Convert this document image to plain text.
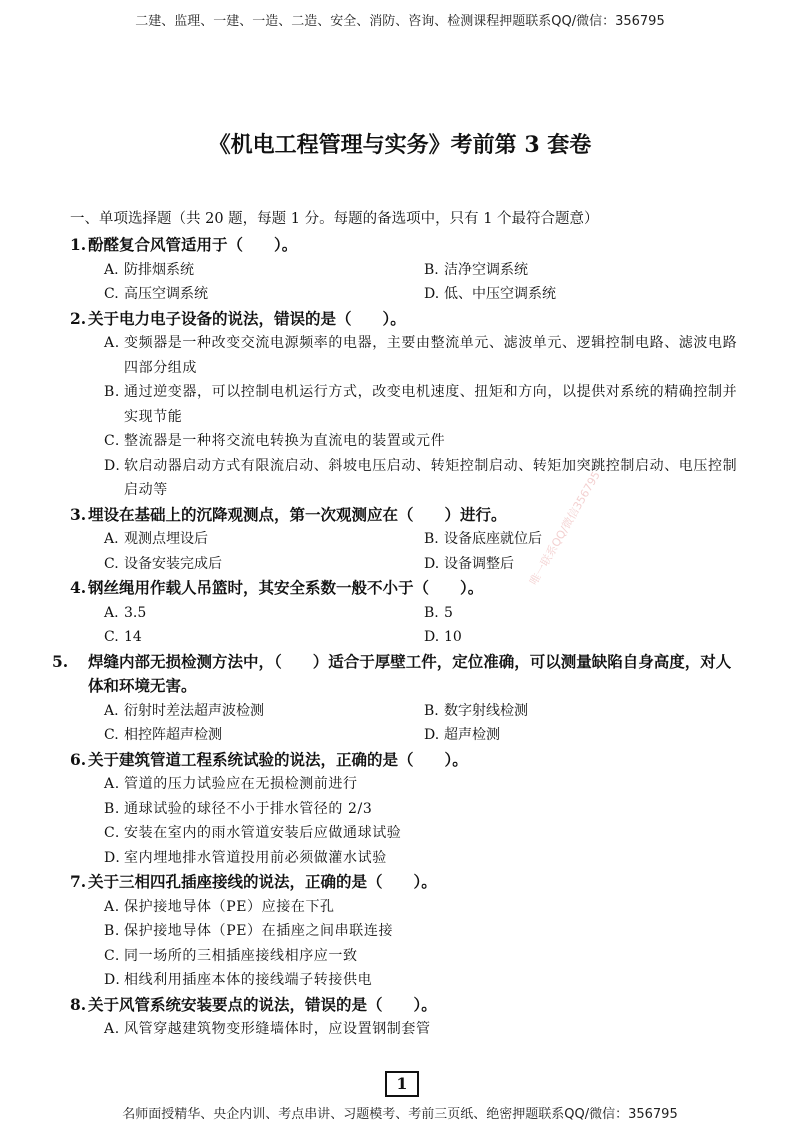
二建、监理、一建、一造、二造、安全、消防、咨询、检测课程押题联系QQ/微信：356795
《机电工程管理与实务》考前第 3 套卷
唯一联系QQ/微信356795
一、单项选择题（共 20 题，每题 1 分。每题的备选项中，只有 1 个最符合题意）
1. 酚醛复合风管适用于（　　）。
A. 防排烟系统	B. 洁净空调系统
C. 高压空调系统	D. 低、中压空调系统
2. 关于电力电子设备的说法，错误的是（　　）。
A. 变频器是一种改变交流电源频率的电器，主要由整流单元、滤波单元、逻辑控制电路、滤波电路四部分组成
B. 通过逆变器，可以控制电机运行方式，改变电机速度、扭矩和方向，以提供对系统的精确控制并实现节能
C. 整流器是一种将交流电转换为直流电的装置或元件
D. 软启动器启动方式有限流启动、斜坡电压启动、转矩控制启动、转矩加突跳控制启动、电压控制启动等
3. 埋设在基础上的沉降观测点，第一次观测应在（　　）进行。
A. 观测点埋设后	B. 设备底座就位后
C. 设备安装完成后	D. 设备调整后
4. 钢丝绳用作载人吊篮时，其安全系数一般不小于（　　）。
A. 3.5	B. 5
C. 14	D. 10
5. 焊缝内部无损检测方法中，（　　）适合于厚壁工件，定位准确，可以测量缺陷自身高度，对人体和环境无害。
A. 衍射时差法超声波检测	B. 数字射线检测
C. 相控阵超声检测	D. 超声检测
6. 关于建筑管道工程系统试验的说法，正确的是（　　）。
A. 管道的压力试验应在无损检测前进行
B. 通球试验的球径不小于排水管径的 2/3
C. 安装在室内的雨水管道安装后应做通球试验
D. 室内埋地排水管道投用前必须做灌水试验
7. 关于三相四孔插座接线的说法，正确的是（　　）。
A. 保护接地导体（PE）应接在下孔
B. 保护接地导体（PE）在插座之间串联连接
C. 同一场所的三相插座接线相序应一致
D. 相线利用插座本体的接线端子转接供电
8. 关于风管系统安装要点的说法，错误的是（　　）。
A. 风管穿越建筑物变形缝墙体时，应设置钢制套管
1
名师面授精华、央企内训、考点串讲、习题模考、考前三页纸、绝密押题联系QQ/微信：356795
